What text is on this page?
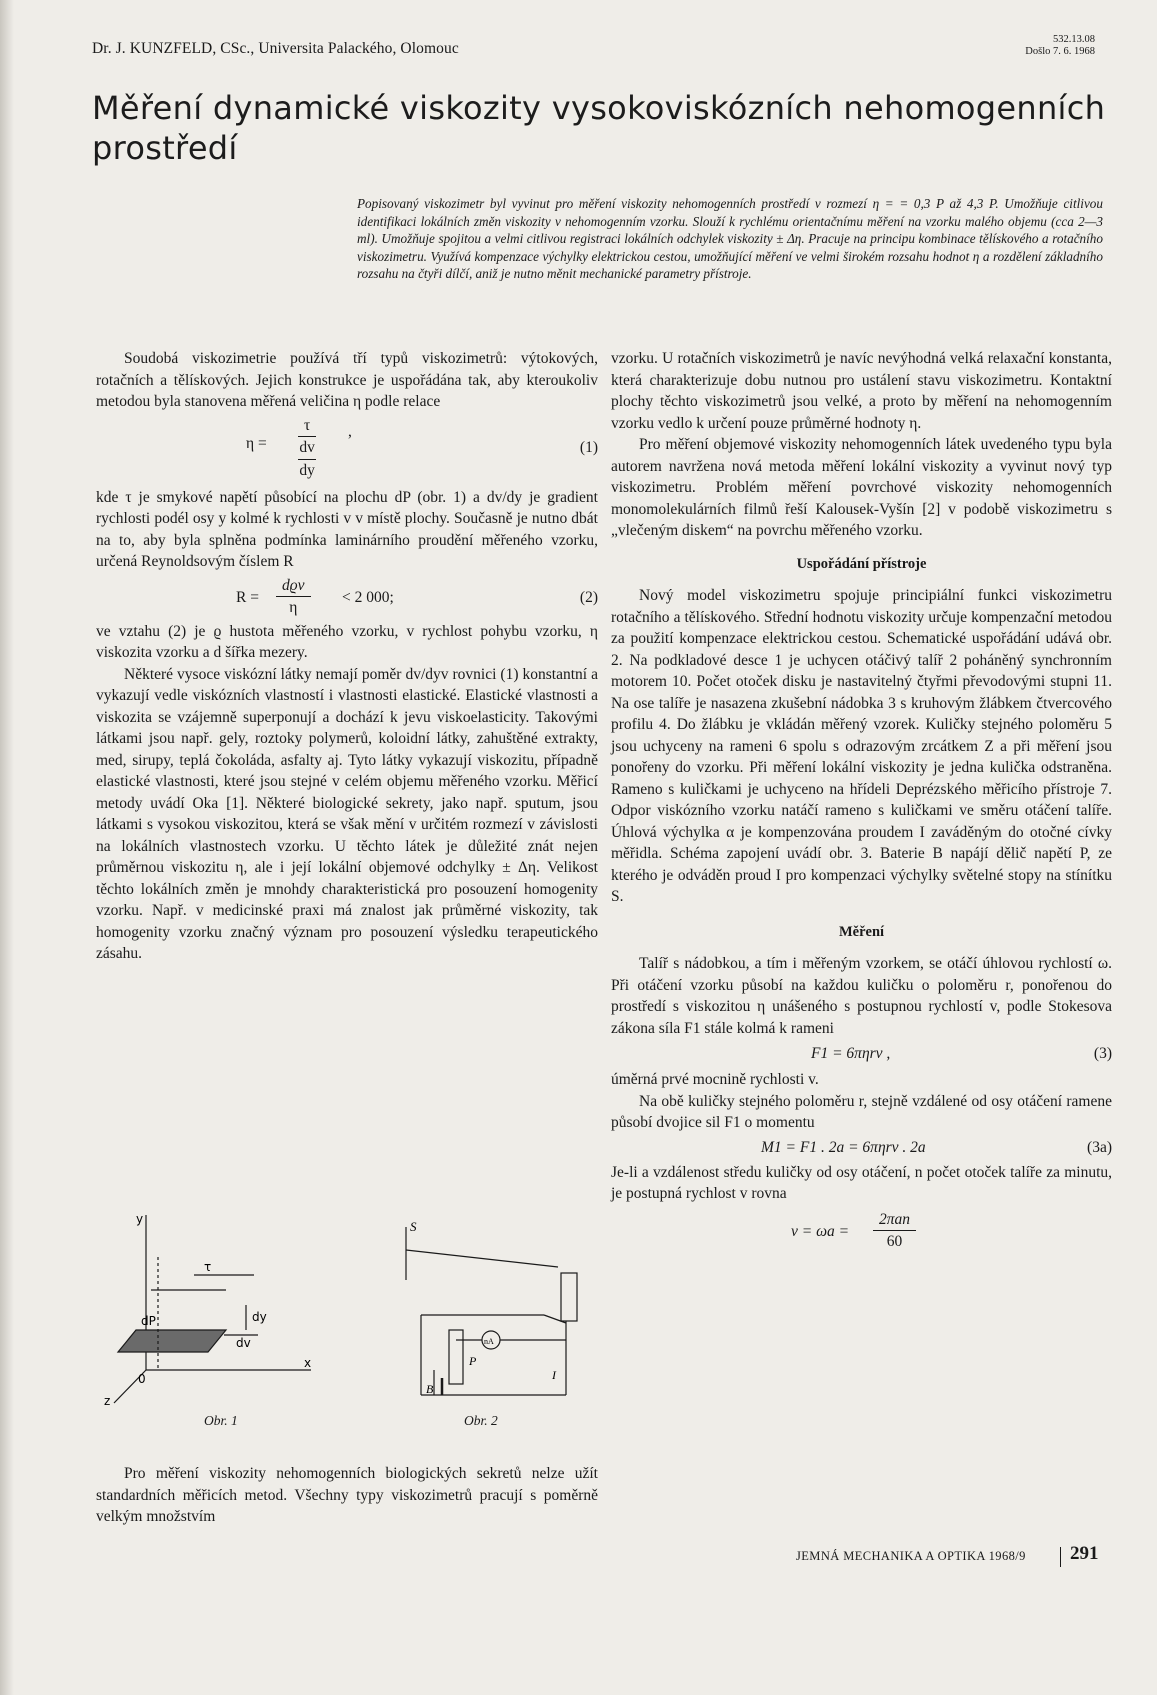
Dr. J. KUNZFELD, CSc., Universita Palackého, Olomouc
532.13.08
Došlo 7. 6. 1968
Měření dynamické viskozity vysokoviskózních nehomogenních prostředí
Popisovaný viskozimetr byl vyvinut pro měření viskozity nehomogenních prostředí v rozmezí η = = 0,3 P až 4,3 P. Umožňuje citlivou identifikaci lokálních změn viskozity v nehomogenním vzorku. Slouží k rychlému orientačnímu měření na vzorku malého objemu (cca 2—3 ml). Umožňuje spojitou a velmi citlivou registraci lokálních odchylek viskozity ± Δη. Pracuje na principu kombinace tělískového a rotačního viskozimetru. Využívá kompenzace výchylky elektrickou cestou, umožňující měření ve velmi širokém rozsahu hodnot η a rozdělení základního rozsahu na čtyři dílčí, aniž je nutno měnit mechanické parametry přístroje.

Soudobá viskozimetrie používá tří typů viskozimetrů: výtokových, rotačních a tělískových. Jejich konstrukce je uspořádána tak, aby kteroukoliv metodou byla stanovena měřená veličina η podle relace

η =
τ
dv
dy
,
(1)

kde τ je smykové napětí působící na plochu dP (obr. 1) a dv/dy je gradient rychlosti podél osy y kolmé k rychlosti v v místě plochy. Současně je nutno dbát na to, aby byla splněna podmínka laminárního proudění měřeného vzorku, určená Reynoldsovým číslem R

R =
dϱv
η
< 2 000;	(2)

ve vztahu (2) je ϱ hustota měřeného vzorku, v rychlost pohybu vzorku, η viskozita vzorku a d šířka mezery.

Některé vysoce viskózní látky nemají poměr dv/dyv rovnici (1) konstantní a vykazují vedle viskózních vlastností i vlastnosti elastické. Elastické vlastnosti a viskozita se vzájemně superponují a dochází k jevu viskoelasticity. Takovými látkami jsou např. gely, roztoky polymerů, koloidní látky, zahuštěné extrakty, med, sirupy, teplá čokoláda, asfalty aj. Tyto látky vykazují viskozitu, případně elastické vlastnosti, které jsou stejné v celém objemu měřeného vzorku. Měřicí metody uvádí Oka [1]. Některé biologické sekrety, jako např. sputum, jsou látkami s vysokou viskozitou, která se však mění v určitém rozmezí v závislosti na lokálních vlastnostech vzorku. U těchto látek je důležité znát nejen průměrnou viskozitu η, ale i její lokální objemové odchylky ± Δη. Velikost těchto lokálních změn je mnohdy charakteristická pro posouzení homogenity vzorku. Např. v medicinské praxi má znalost jak průměrné viskozity, tak homogenity vzorku značný význam pro posouzení výsledku terapeutického zásahu.

y
x
z
0
dP
τ
dy
dv
S
P
B
I
nA
Obr. 1	Obr. 2

Pro měření viskozity nehomogenních biologických sekretů nelze užít standardních měřicích metod. Všechny typy viskozimetrů pracují s poměrně velkým množstvím

vzorku. U rotačních viskozimetrů je navíc nevýhodná velká relaxační konstanta, která charakterizuje dobu nutnou pro ustálení stavu viskozimetru. Kontaktní plochy těchto viskozimetrů jsou velké, a proto by měření na nehomogenním vzorku vedlo k určení pouze průměrné hodnoty η.

Pro měření objemové viskozity nehomogenních látek uvedeného typu byla autorem navržena nová metoda měření lokální viskozity a vyvinut nový typ viskozimetru. Problém měření povrchové viskozity nehomogenních monomolekulárních filmů řeší Kalousek-Vyšín [2] v podobě viskozimetru s „vlečeným diskem“ na povrchu měřeného vzorku.

Uspořádání přístroje

Nový model viskozimetru spojuje principiální funkci viskozimetru rotačního a tělískového. Střední hodnotu viskozity určuje kompenzační metodou za použití kompenzace elektrickou cestou. Schematické uspořádání udává obr. 2. Na podkladové desce 1 je uchycen otáčivý talíř 2 poháněný synchronním motorem 10. Počet otoček disku je nastavitelný čtyřmi převodovými stupni 11. Na ose talíře je nasazena zkušební nádobka 3 s kruhovým žlábkem čtvercového profilu 4. Do žlábku je vkládán měřený vzorek. Kuličky stejného poloměru 5 jsou uchyceny na rameni 6 spolu s odrazovým zrcátkem Z a při měření jsou ponořeny do vzorku. Při měření lokální viskozity je jedna kulička odstraněna. Rameno s kuličkami je uchyceno na hřídeli Deprézského měřicího přístroje 7. Odpor viskózního vzorku natáčí rameno s kuličkami ve směru otáčení talíře. Úhlová výchylka α je kompenzována proudem I zaváděným do otočné cívky měřidla. Schéma zapojení uvádí obr. 3. Baterie B napájí dělič napětí P, ze kterého je odváděn proud I pro kompenzaci výchylky světelné stopy na stínítku S.

Měření

Talíř s nádobkou, a tím i měřeným vzorkem, se otáčí úhlovou rychlostí ω. Při otáčení vzorku působí na každou kuličku o poloměru r, ponořenou do prostředí s viskozitou η unášeného s postupnou rychlostí v, podle Stokesova zákona síla F1 stále kolmá k rameni

F1 = 6πηrv ,	(3)

úměrná prvé mocnině rychlosti v.

Na obě kuličky stejného poloměru r, stejně vzdálené od osy otáčení ramene působí dvojice sil F1 o momentu

M1 = F1 . 2a = 6πηrv . 2a	(3a)

Je-li a vzdálenost středu kuličky od osy otáčení, n počet otoček talíře za minutu, je postupná rychlost v rovna

v = ωa =
2πan
60
JEMNÁ MECHANIKA A OPTIKA 1968/9 291
